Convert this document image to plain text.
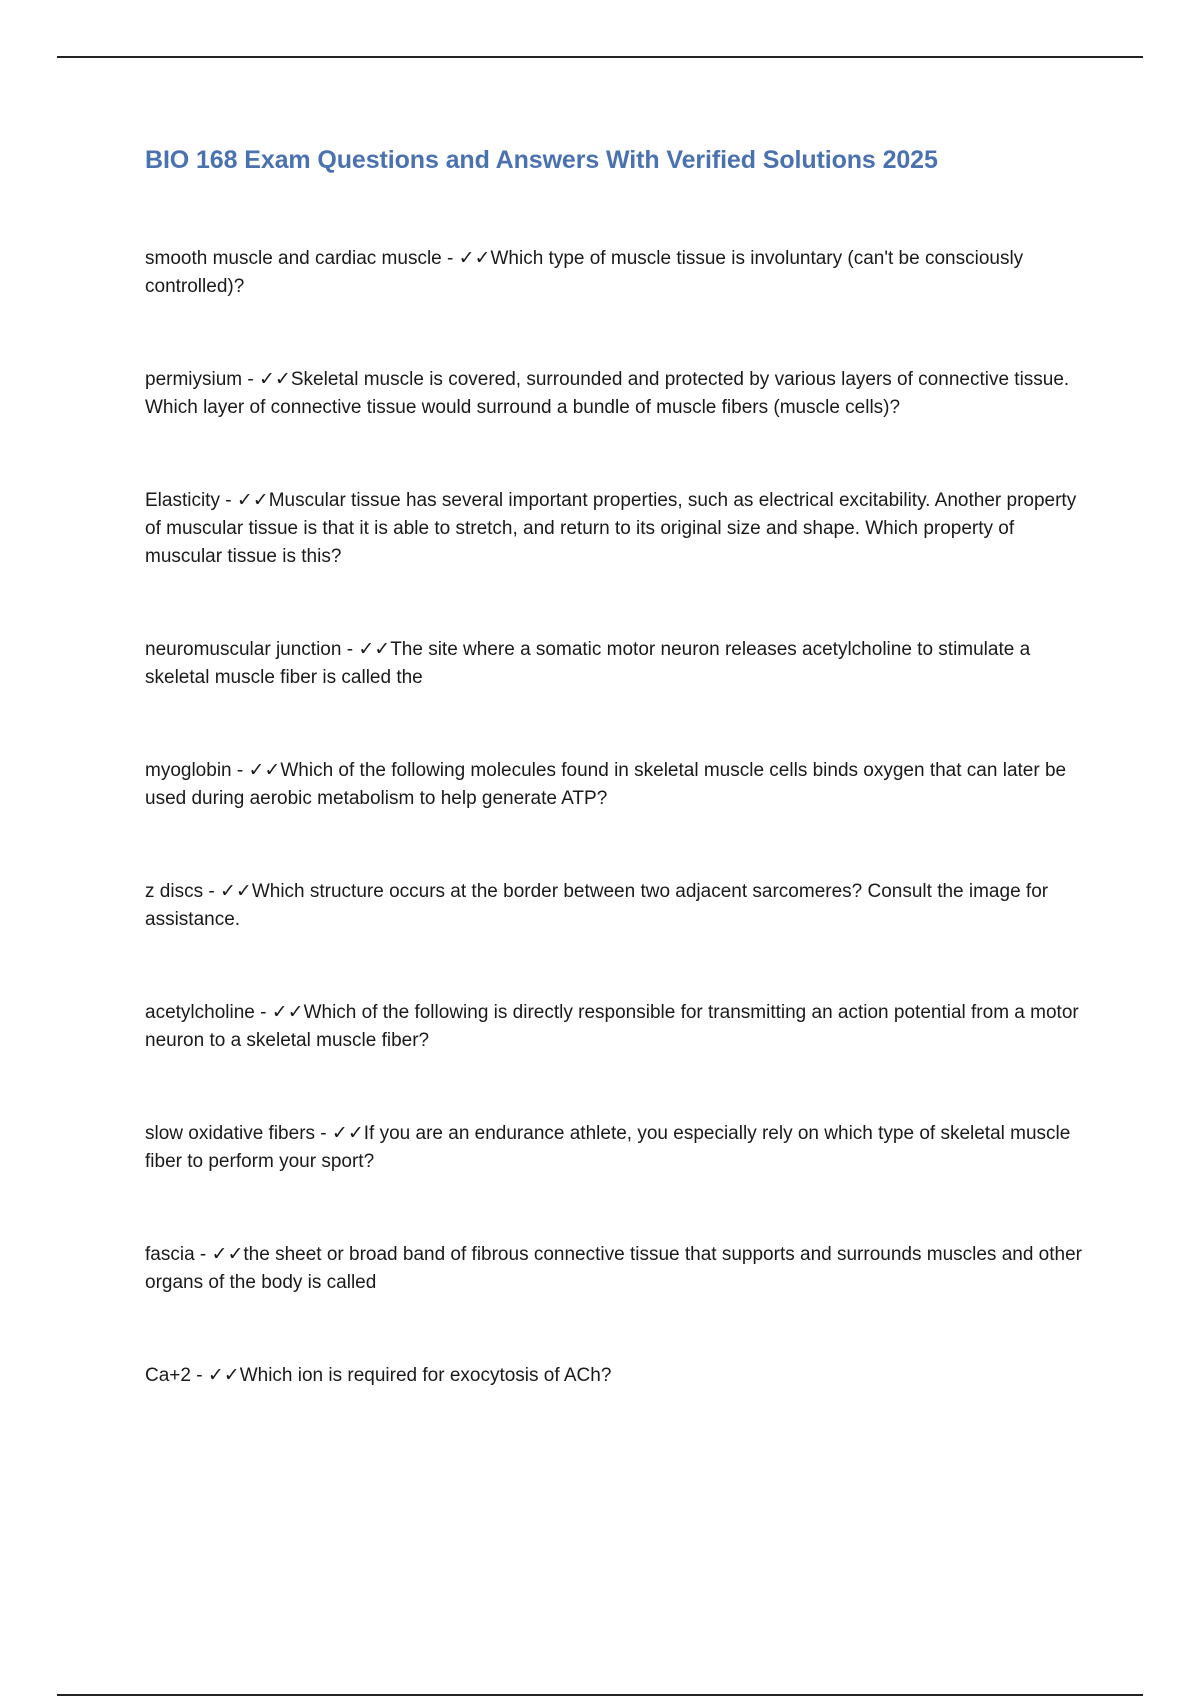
BIO 168 Exam Questions and Answers With Verified Solutions 2025
smooth muscle and cardiac muscle - ✓✓Which type of muscle tissue is involuntary (can't be consciously controlled)?
permiysium - ✓✓Skeletal muscle is covered, surrounded and protected by various layers of connective tissue. Which layer of connective tissue would surround a bundle of muscle fibers (muscle cells)?
Elasticity - ✓✓Muscular tissue has several important properties, such as electrical excitability. Another property of muscular tissue is that it is able to stretch, and return to its original size and shape. Which property of muscular tissue is this?
neuromuscular junction - ✓✓The site where a somatic motor neuron releases acetylcholine to stimulate a skeletal muscle fiber is called the
myoglobin - ✓✓Which of the following molecules found in skeletal muscle cells binds oxygen that can later be used during aerobic metabolism to help generate ATP?
z discs - ✓✓Which structure occurs at the border between two adjacent sarcomeres? Consult the image for assistance.
acetylcholine - ✓✓Which of the following is directly responsible for transmitting an action potential from a motor neuron to a skeletal muscle fiber?
slow oxidative fibers - ✓✓If you are an endurance athlete, you especially rely on which type of skeletal muscle fiber to perform your sport?
fascia - ✓✓the sheet or broad band of fibrous connective tissue that supports and surrounds muscles and other organs of the body is called
Ca+2 - ✓✓Which ion is required for exocytosis of ACh?
